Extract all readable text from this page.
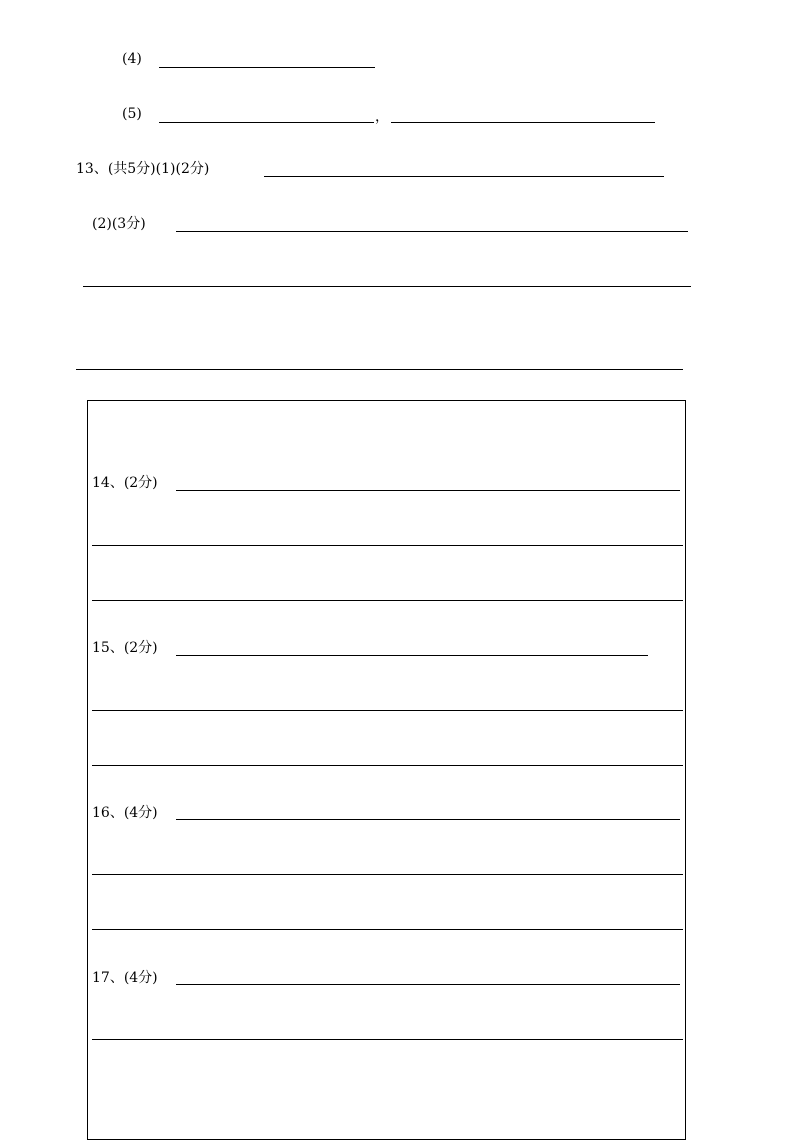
(4)
(5)	，
13、(共5分)(1)(2分)
(2)(3分)
14、(2分)
15、(2分)
16、(4分)
17、(4分)
